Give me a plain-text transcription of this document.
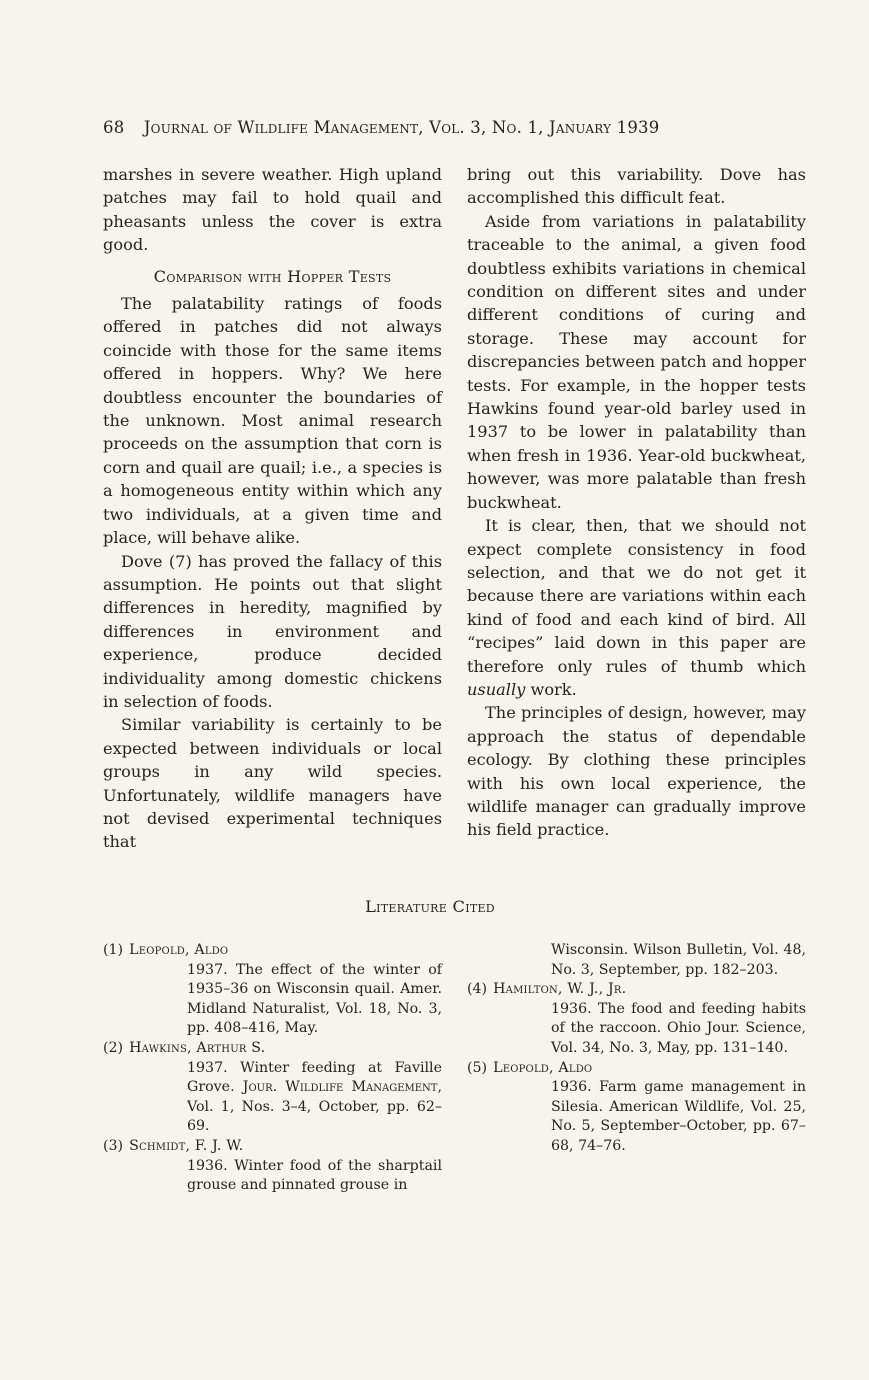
68 Journal of Wildlife Management, Vol. 3, No. 1, January 1939

marshes in severe weather. High upland patches may fail to hold quail and pheasants unless the cover is extra good.

Comparison with Hopper Tests

The palatability ratings of foods offered in patches did not always coincide with those for the same items offered in hoppers. Why? We here doubtless encounter the boundaries of the unknown. Most animal research proceeds on the assumption that corn is corn and quail are quail; i.e., a species is a homogeneous entity within which any two individuals, at a given time and place, will behave alike.

Dove (7) has proved the fallacy of this assumption. He points out that slight differences in heredity, magnified by differences in environment and experience, produce decided individuality among domestic chickens in selection of foods.

Similar variability is certainly to be expected between individuals or local groups in any wild species. Unfortunately, wildlife managers have not devised experimental techniques that

bring out this variability. Dove has accomplished this difficult feat.

Aside from variations in palatability traceable to the animal, a given food doubtless exhibits variations in chemical condition on different sites and under different conditions of curing and storage. These may account for discrepancies between patch and hopper tests. For example, in the hopper tests Hawkins found year-old barley used in 1937 to be lower in palatability than when fresh in 1936. Year-old buckwheat, however, was more palatable than fresh buckwheat.

It is clear, then, that we should not expect complete consistency in food selection, and that we do not get it because there are variations within each kind of food and each kind of bird. All “recipes” laid down in this paper are therefore only rules of thumb which usually work.

The principles of design, however, may approach the status of dependable ecology. By clothing these principles with his own local experience, the wildlife manager can gradually improve his field practice.

Literature Cited
(1) Leopold, Aldo
1937. The effect of the winter of 1935–36 on Wisconsin quail. Amer. Midland Naturalist, Vol. 18, No. 3, pp. 408–416, May.
(2) Hawkins, Arthur S.
1937. Winter feeding at Faville Grove. Jour. Wildlife Management, Vol. 1, Nos. 3–4, October, pp. 62–69.
(3) Schmidt, F. J. W.
1936. Winter food of the sharptail grouse and pinnated grouse in
Wisconsin. Wilson Bulletin, Vol. 48, No. 3, September, pp. 182–203.
(4) Hamilton, W. J., Jr.
1936. The food and feeding habits of the raccoon. Ohio Jour. Science, Vol. 34, No. 3, May, pp. 131–140.
(5) Leopold, Aldo
1936. Farm game management in Silesia. American Wildlife, Vol. 25, No. 5, September–October, pp. 67–68, 74–76.
